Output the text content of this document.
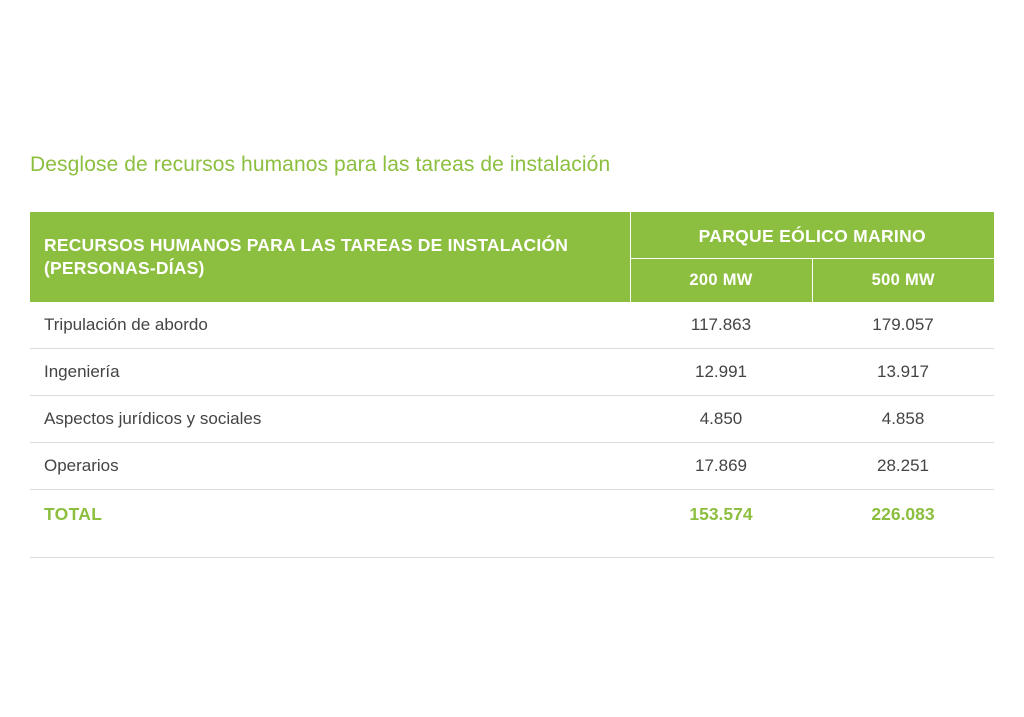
Desglose de recursos humanos para las tareas de instalación
RECURSOS HUMANOS PARA LAS TAREAS DE INSTALACIÓN (PERSONAS-DÍAS)	PARQUE EÓLICO MARINO	
	200 MW	500 MW
Tripulación de abordo	117.863	179.057
Ingeniería	12.991	13.917
Aspectos jurídicos y sociales	4.850	4.858
Operarios	17.869	28.251
TOTAL	153.574	226.083
